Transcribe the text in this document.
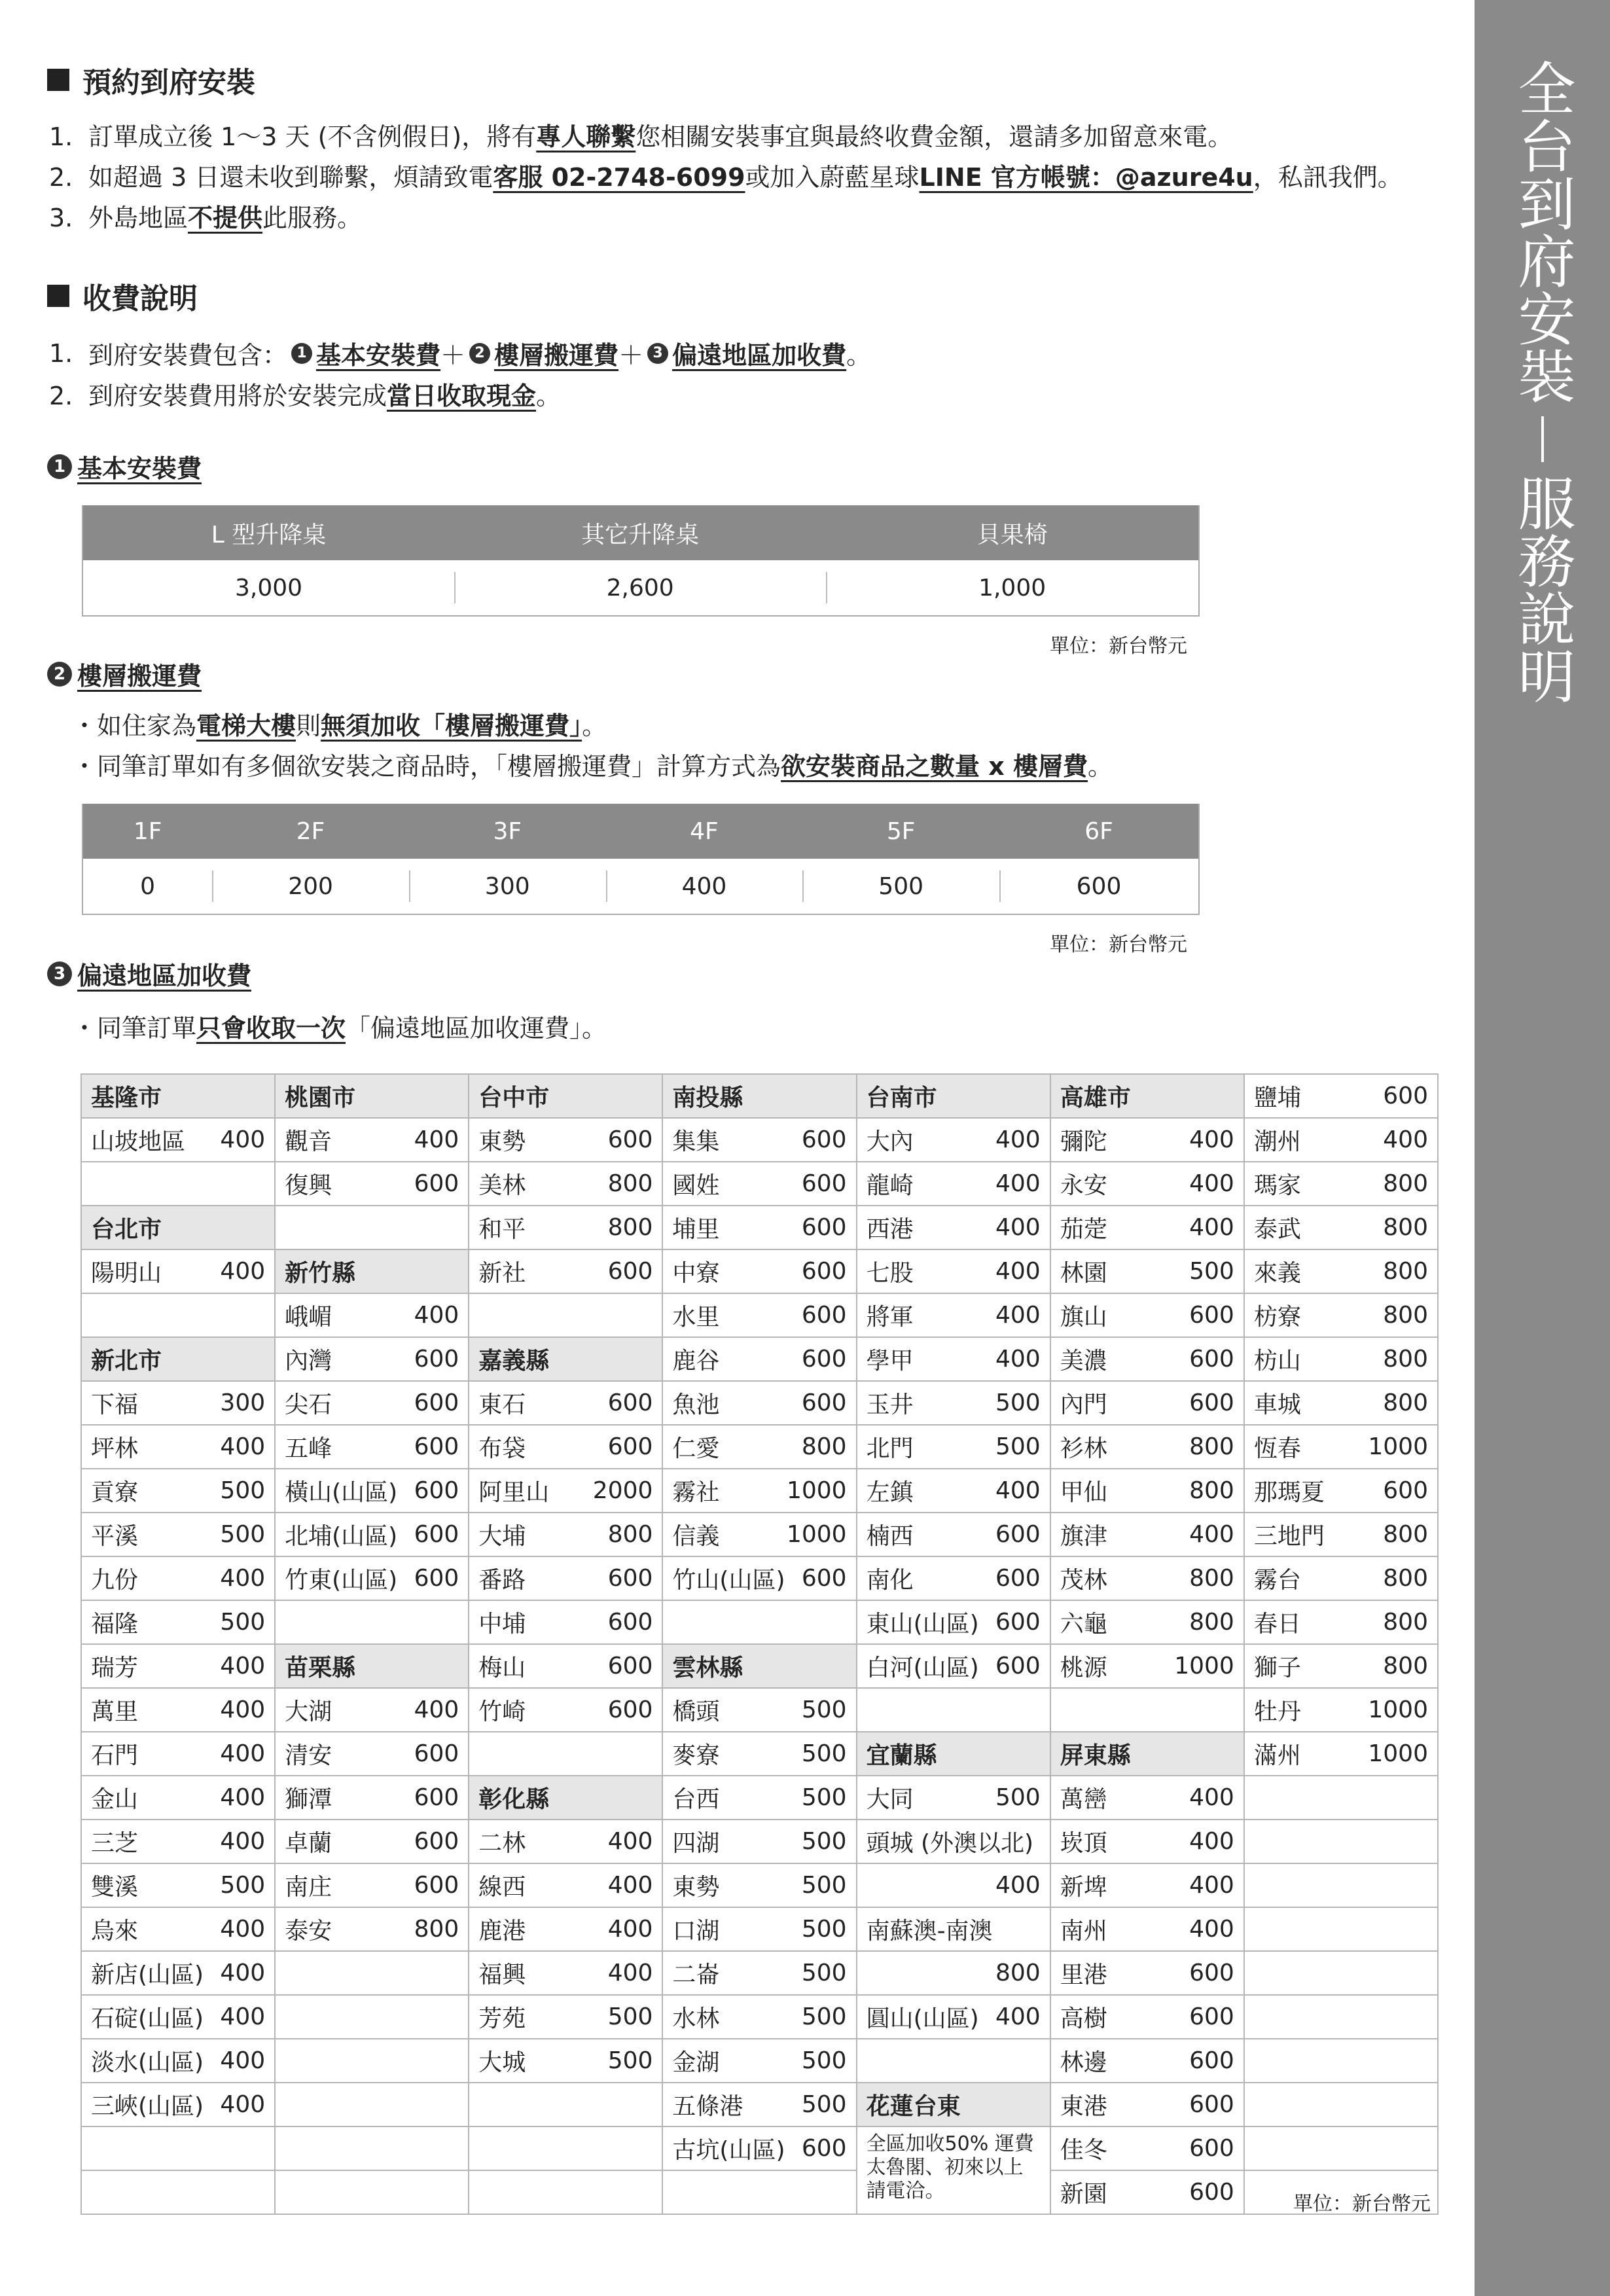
全台到府安裝
服務說明
預約到府安裝
1. 訂單成立後 1～3 天 (不含例假日)，將有專人聯繫您相關安裝事宜與最終收費金額，還請多加留意來電。
2. 如超過 3 日還未收到聯繫，煩請致電客服 02-2748-6099或加入蔚藍星球LINE 官方帳號：@azure4u，私訊我們。
3. 外島地區不提供此服務。
收費說明
1. 到府安裝費包含： 1 基本安裝費 ＋ 2 樓層搬運費 ＋ 3 偏遠地區加收費 。
2. 到府安裝費用將於安裝完成當日收取現金。
1 基本安裝費
L 型升降桌	其它升降桌	貝果椅
3,000	2,600	1,000
單位：新台幣元
2 樓層搬運費
・如住家為電梯大樓則無須加收「樓層搬運費」。
・同筆訂單如有多個欲安裝之商品時，「樓層搬運費」計算方式為欲安裝商品之數量 x 樓層費。
1F	2F	3F	4F	5F	6F
0	200	300	400	500	600
單位：新台幣元
3 偏遠地區加收費
・同筆訂單只會收取一次「偏遠地區加收運費」。
基隆市	桃園市	台中市	南投縣	台南市	高雄市	鹽埔 600

山坡地區 400	觀音 400	東勢 600	集集 600	大內 400	彌陀 400	潮州 400

	復興 600	美林 800	國姓 600	龍崎 400	永安 400	瑪家 800

台北市		和平 800	埔里 600	西港 400	茄萣 400	泰武 800

陽明山 400	新竹縣	新社 600	中寮 600	七股 400	林園 500	來義 800

	峨嵋 400		水里 600	將軍 400	旗山 600	枋寮 800

新北市	內灣 600	嘉義縣	鹿谷 600	學甲 400	美濃 600	枋山 800

下福 300	尖石 600	東石 600	魚池 600	玉井 500	內門 600	車城 800

坪林 400	五峰 600	布袋 600	仁愛 800	北門 500	衫林 800	恆春 1000

貢寮 500	橫山(山區) 600	阿里山 2000	霧社 1000	左鎮 400	甲仙 800	那瑪夏 600

平溪 500	北埔(山區) 600	大埔 800	信義 1000	楠西 600	旗津 400	三地門 800

九份 400	竹東(山區) 600	番路 600	竹山(山區) 600	南化 600	茂林 800	霧台 800

福隆 500		中埔 600		東山(山區) 600	六龜 800	春日 800

瑞芳 400	苗栗縣	梅山 600	雲林縣	白河(山區) 600	桃源 1000	獅子 800

萬里 400	大湖 400	竹崎 600	橋頭 500			牡丹 1000

石門 400	清安 600		麥寮 500	宜蘭縣	屏東縣	滿州 1000

金山 400	獅潭 600	彰化縣	台西 500	大同 500	萬巒 400	

三芝 400	卓蘭 600	二林 400	四湖 500	頭城 (外澳以北)	崁頂 400	

雙溪 500	南庄 600	線西 400	東勢 500	400	新埤 400	

烏來 400	泰安 800	鹿港 400	口湖 500	南蘇澳-南澳	南州 400	

新店(山區) 400		福興 400	二崙 500	800	里港 600	

石碇(山區) 400		芳苑 500	水林 500	圓山(山區) 400	高樹 600	

淡水(山區) 400		大城 500	金湖 500		林邊 600	

三峽(山區) 400			五條港 500	花蓮台東	東港 600	

			古坑(山區) 600	全區加收50% 運費 太魯閣、初來以上 請電洽。	佳冬 600	

					新園 600	
		單位：新台幣元
